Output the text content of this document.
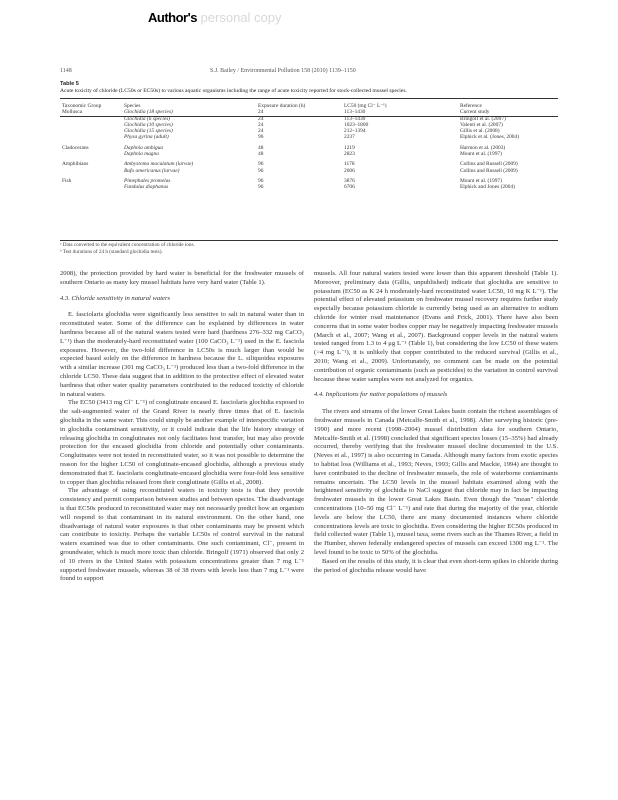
Author's personal copy
1148	S.J. Bailey / Environmental Pollution 158 (2010) 1139–1150
Table 5
Acute toxicity of chloride (LC50s or EC50s) to various aquatic organisms including the range of acute toxicity reported for stock-collected mussel species.
Taxonomic Group	Species	Exposure duration (h)	LC50 (mg Cl⁻ L⁻¹)	Reference
Mollusca	Glochidia (18 species)	24	113–1430	Current study
	Glochidia (6 species)	24	113–1430	Bringolf et al. (2007)
	Glochidia (10 species)	24	1023–1800	Valenti et al. (2007)
	Glochidia (15 species)	24	212–1394	Gillis et al. (2008)
	Physa gyrina (adult)	96	2237	Elphick et al. (Jones, 2004)
Cladocerans	Daphnia ambigua	48	1219	Harmon et al. (2003)
	Daphnia magna	48	2823	Mount et al. (1997)
Amphibians	Ambystoma maculatum (larvae)	96	1178	Collins and Russell (2009)
	Bufo americanus (larvae)	96	2606	Collins and Russell (2009)
Fish	Pimephales promelas	96	3876	Mount et al. (1997)
	Fundulus diaphanus	96	6706	Elphick and Jones (2004)
ᵃ Data converted to the equivalent concentration of chloride ions.
ᵇ Test durations of 24 h (standard glochidia tests).

2008), the protection provided by hard water is beneficial for the freshwater mussels of southern Ontario as many key mussel habitats have very hard water (Table 1).

4.3. Chloride sensitivity in natural waters

E. fasciolaris glochidia were significantly less sensitive to salt in natural water than in reconstituted water. Some of the difference can be explained by differences in water hardness because all of the natural waters tested were hard (hardness 276–332 mg CaCO₃ L⁻¹) than the moderately-hard reconstituted water (100 CaCO₃ L⁻¹) used in the E. fasciola exposures. However, the two-fold difference in LC50s is much larger than would be expected based solely on the difference in hardness because the L. siliquoidea exposures with a similar increase (301 mg CaCO₃ L⁻¹) produced less than a two-fold difference in the chloride LC50. These data suggest that in addition to the protective effect of elevated water hardness that other water quality parameters contributed to the reduced toxicity of chloride in natural waters.

The EC50 (3413 mg Cl⁻ L⁻¹) of conglutinate encased E. fasciolaris glochidia exposed to the salt-augmented water of the Grand River is nearly three times that of E. fasciola glochidia in the same water. This could simply be another example of interspecific variation in glochidia contaminant sensitivity, or it could indicate that the life history strategy of releasing glochidia in conglutinates not only facilitates host transfer, but may also provide protection for the encased glochidia from chloride and potentially other contaminants. Conglutinates were not tested in reconstituted water, so it was not possible to determine the reason for the higher LC50 of conglutinate-encased glochidia, although a previous study demonstrated that E. fasciolaris conglutinate-encased glochidia were four-fold less sensitive to copper than glochidia released from their conglutinate (Gillis et al., 2008).

The advantage of using reconstituted waters in toxicity tests is that they provide consistency and permit comparison between studies and between species. The disadvantage is that EC50s produced in reconstituted water may not necessarily predict how an organism will respond to that contaminant in its natural environment. On the other hand, one disadvantage of natural water exposures is that other contaminants may be present which can contribute to toxicity. Perhaps the variable LC50s of control survival in the natural waters examined was due to other contaminants. One such contaminant, Cl⁻, present in groundwater, which is much more toxic than chloride. Bringolf (1971) observed that only 2 of 10 rivers in the United States with potassium concentrations greater than 7 mg L⁻¹ supported freshwater mussels, whereas 38 of 38 rivers with levels less than 7 mg L⁻¹ were found to support

mussels. All four natural waters tested were lower than this apparent threshold (Table 1). Moreover, preliminary data (Gillis, unpublished) indicate that glochidia are sensitive to potassium (EC50 as K 24 h moderately-hard reconstituted water LC50, 10 mg K L⁻¹). The potential effect of elevated potassium on freshwater mussel recovery requires further study especially because potassium chloride is currently being used as an alternative to sodium chloride for winter road maintenance (Evans and Frick, 2001). There have also been concerns that in some water bodies copper may be negatively impacting freshwater mussels (March et al., 2007; Wang et al., 2007). Background copper levels in the natural waters tested ranged from 1.3 to 4 μg L⁻¹ (Table 1), but considering the low LC50 of these waters (>4 mg L⁻¹), it is unlikely that copper contributed to the reduced survival (Gillis et al., 2010; Wang et al., 2009). Unfortunately, no comment can be made on the potential contribution of organic contaminants (such as pesticides) to the variation in control survival because these water samples were not analyzed for organics.

4.4. Implications for native populations of mussels

The rivers and streams of the lower Great Lakes basin contain the richest assemblages of freshwater mussels in Canada (Metcalfe-Smith et al., 1998). After surveying historic (pre-1990) and more recent (1998–2004) mussel distribution data for southern Ontario, Metcalfe-Smith et al. (1998) concluded that significant species losses (15–35%) had already occurred, thereby verifying that the freshwater mussel decline documented in the U.S. (Neves et al., 1997) is also occurring in Canada. Although many factors from exotic species to habitat loss (Williams et al., 1993; Neves, 1993; Gillis and Mackie, 1994) are thought to have contributed to the decline of freshwater mussels, the role of waterborne contaminants remains uncertain. The LC50 levels in the mussel habitats examined along with the heightened sensitivity of glochidia to NaCl suggest that chloride may in fact be impacting freshwater mussels in the lower Great Lakes Basin. Even though the "mean" chloride concentrations (10–50 mg Cl⁻ L⁻¹) and rate that during the majority of the year, chloride levels are below the LC50, there are many documented instances where chloride concentrations levels are toxic to glochidia. Even considering the higher EC50s produced in field collected water (Table 1), mussel taxa, some rivers such as the Thames River, a field in the Humber, shown federally endangered species of mussels can exceed 1300 mg L⁻¹. The level found to be toxic to 50% of the glochidia.

Based on the results of this study, it is clear that even short-term spikes in chloride during the period of glochidia release would have
